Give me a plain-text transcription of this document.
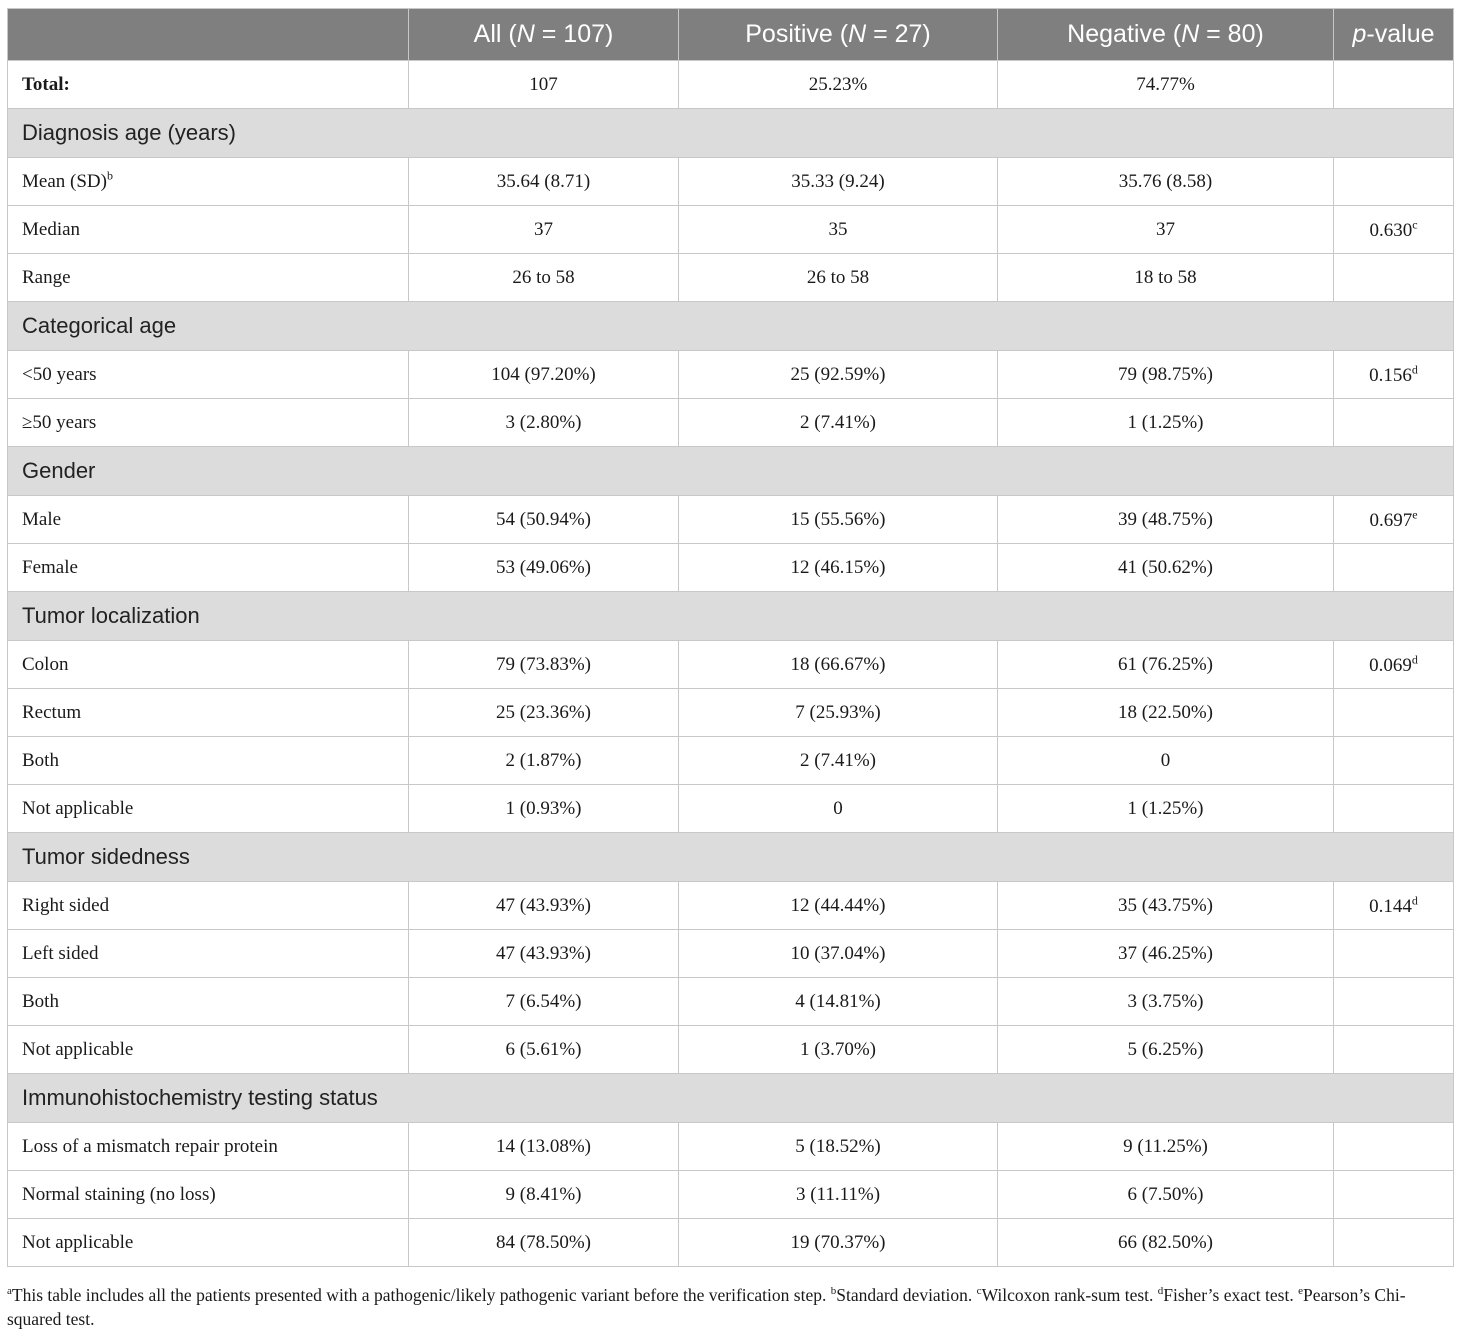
	All (N = 107)	Positive (N = 27)	Negative (N = 80)	p-value
Total:	107	25.23%	74.77%	
Diagnosis age (years)				
Mean (SD)$^b$	35.64 (8.71)	35.33 (9.24)	35.76 (8.58)	
Median	37	35	37	0.630$^c$
Range	26 to 58	26 to 58	18 to 58	
Categorical age				
<50 years	104 (97.20%)	25 (92.59%)	79 (98.75%)	0.156$^d$
≥50 years	3 (2.80%)	2 (7.41%)	1 (1.25%)	
Gender				
Male	54 (50.94%)	15 (55.56%)	39 (48.75%)	0.697e
Female	53 (49.06%)	12 (46.15%)	41 (50.62%)	
Tumor localization				
Colon	79 (73.83%)	18 (66.67%)	61 (76.25%)	0.069$^d$
Rectum	25 (23.36%)	7 (25.93%)	18 (22.50%)	
Both	2 (1.87%)	2 (7.41%)	0	
Not applicable	1 (0.93%)	0	1 (1.25%)	
Tumor sidedness				
Right sided	47 (43.93%)	12 (44.44%)	35 (43.75%)	0.144$^d$
Left sided	47 (43.93%)	10 (37.04%)	37 (46.25%)	
Both	7 (6.54%)	4 (14.81%)	3 (3.75%)	
Not applicable	6 (5.61%)	1 (3.70%)	5 (6.25%)	
Immunohistochemistry testing status				
Loss of a mismatch repair protein	14 (13.08%)	5 (18.52%)	9 (11.25%)	
Normal staining (no loss)	9 (8.41%)	3 (11.11%)	6 (7.50%)	
Not applicable	84 (78.50%)	19 (70.37%)	66 (82.50%)	
$^a$This table includes all the patients presented with a pathogenic/likely pathogenic variant before the verification step. $^b$Standard deviation. $^c$Wilcoxon rank-sum test. $^d$Fisher’s exact test. $^e$Pearson’s Chi-squared test.
